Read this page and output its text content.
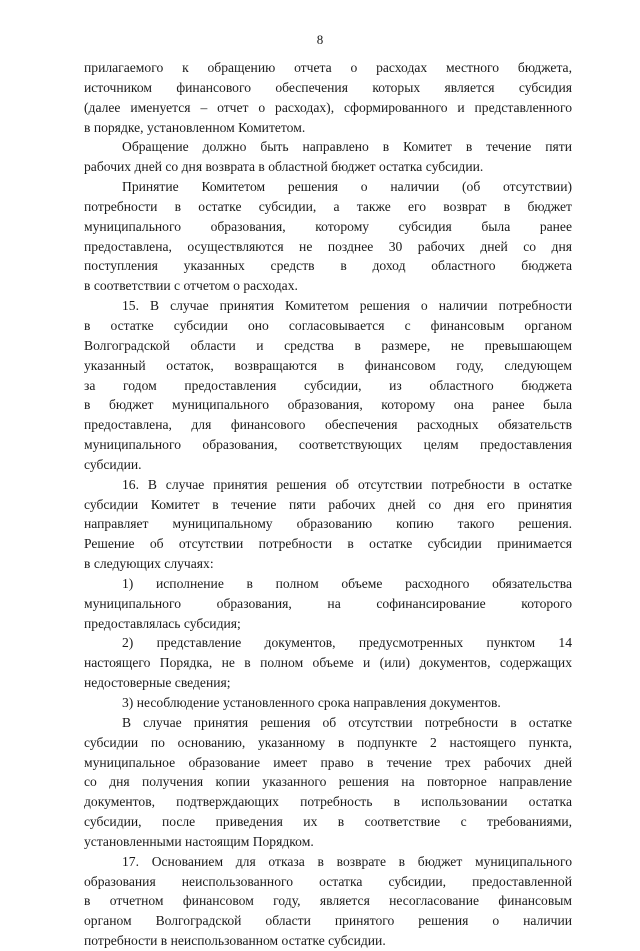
8
прилагаемого к обращению отчета о расходах местного бюджета,
источником финансового обеспечения которых является субсидия
(далее именуется – отчет о расходах), сформированного и представленного
в порядке, установленном Комитетом.
Обращение должно быть направлено в Комитет в течение пяти
рабочих дней со дня возврата в областной бюджет остатка субсидии.
Принятие Комитетом решения о наличии (об отсутствии)
потребности в остатке субсидии, а также его возврат в бюджет
муниципального образования, которому субсидия была ранее
предоставлена, осуществляются не позднее 30 рабочих дней со дня
поступления указанных средств в доход областного бюджета
в соответствии с отчетом о расходах.
15. В случае принятия Комитетом решения о наличии потребности
в остатке субсидии оно согласовывается с финансовым органом
Волгоградской области и средства в размере, не превышающем
указанный остаток, возвращаются в финансовом году, следующем
за годом предоставления субсидии, из областного бюджета
в бюджет муниципального образования, которому она ранее была
предоставлена, для финансового обеспечения расходных обязательств
муниципального образования, соответствующих целям предоставления
субсидии.
16. В случае принятия решения об отсутствии потребности в остатке
субсидии Комитет в течение пяти рабочих дней со дня его принятия
направляет муниципальному образованию копию такого решения.
Решение об отсутствии потребности в остатке субсидии принимается
в следующих случаях:
1) исполнение в полном объеме расходного обязательства
муниципального образования, на софинансирование которого
предоставлялась субсидия;
2) представление документов, предусмотренных пунктом 14
настоящего Порядка, не в полном объеме и (или) документов, содержащих
недостоверные сведения;
3) несоблюдение установленного срока направления документов.
В случае принятия решения об отсутствии потребности в остатке
субсидии по основанию, указанному в подпункте 2 настоящего пункта,
муниципальное образование имеет право в течение трех рабочих дней
со дня получения копии указанного решения на повторное направление
документов, подтверждающих потребность в использовании остатка
субсидии, после приведения их в соответствие с требованиями,
установленными настоящим Порядком.
17. Основанием для отказа в возврате в бюджет муниципального
образования неиспользованного остатка субсидии, предоставленной
в отчетном финансовом году, является несогласование финансовым
органом Волгоградской области принятого решения о наличии
потребности в неиспользованном остатке субсидии.
